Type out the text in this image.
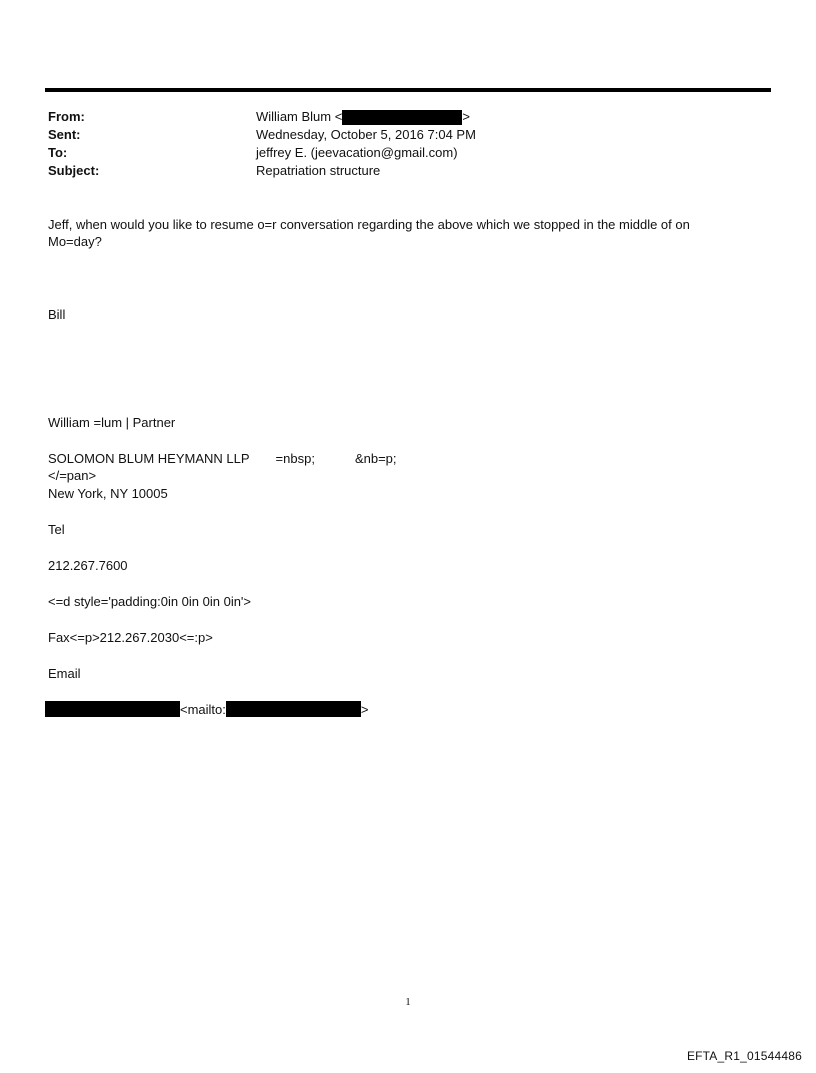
From:	William Blum <	>
Sent:	Wednesday, October 5, 2016 7:04 PM
To:	jeffrey E. (jeevacation@gmail.com)
Subject:	Repatriation structure
Jeff, when would you like to resume o=r conversation regarding the above which we stopped in the middle of on Mo=day?
Bill
William =lum | Partner
SOLOMON BLUM HEYMANN LLP =nbsp;	&nb=p;
</=pan>
New York, NY 10005
Tel
212.267.7600
<=d style='padding:0in 0in 0in 0in'>
Fax<=p>212.267.2030<=:p>
Email
<mailto:	>
1
EFTA_R1_01544486
